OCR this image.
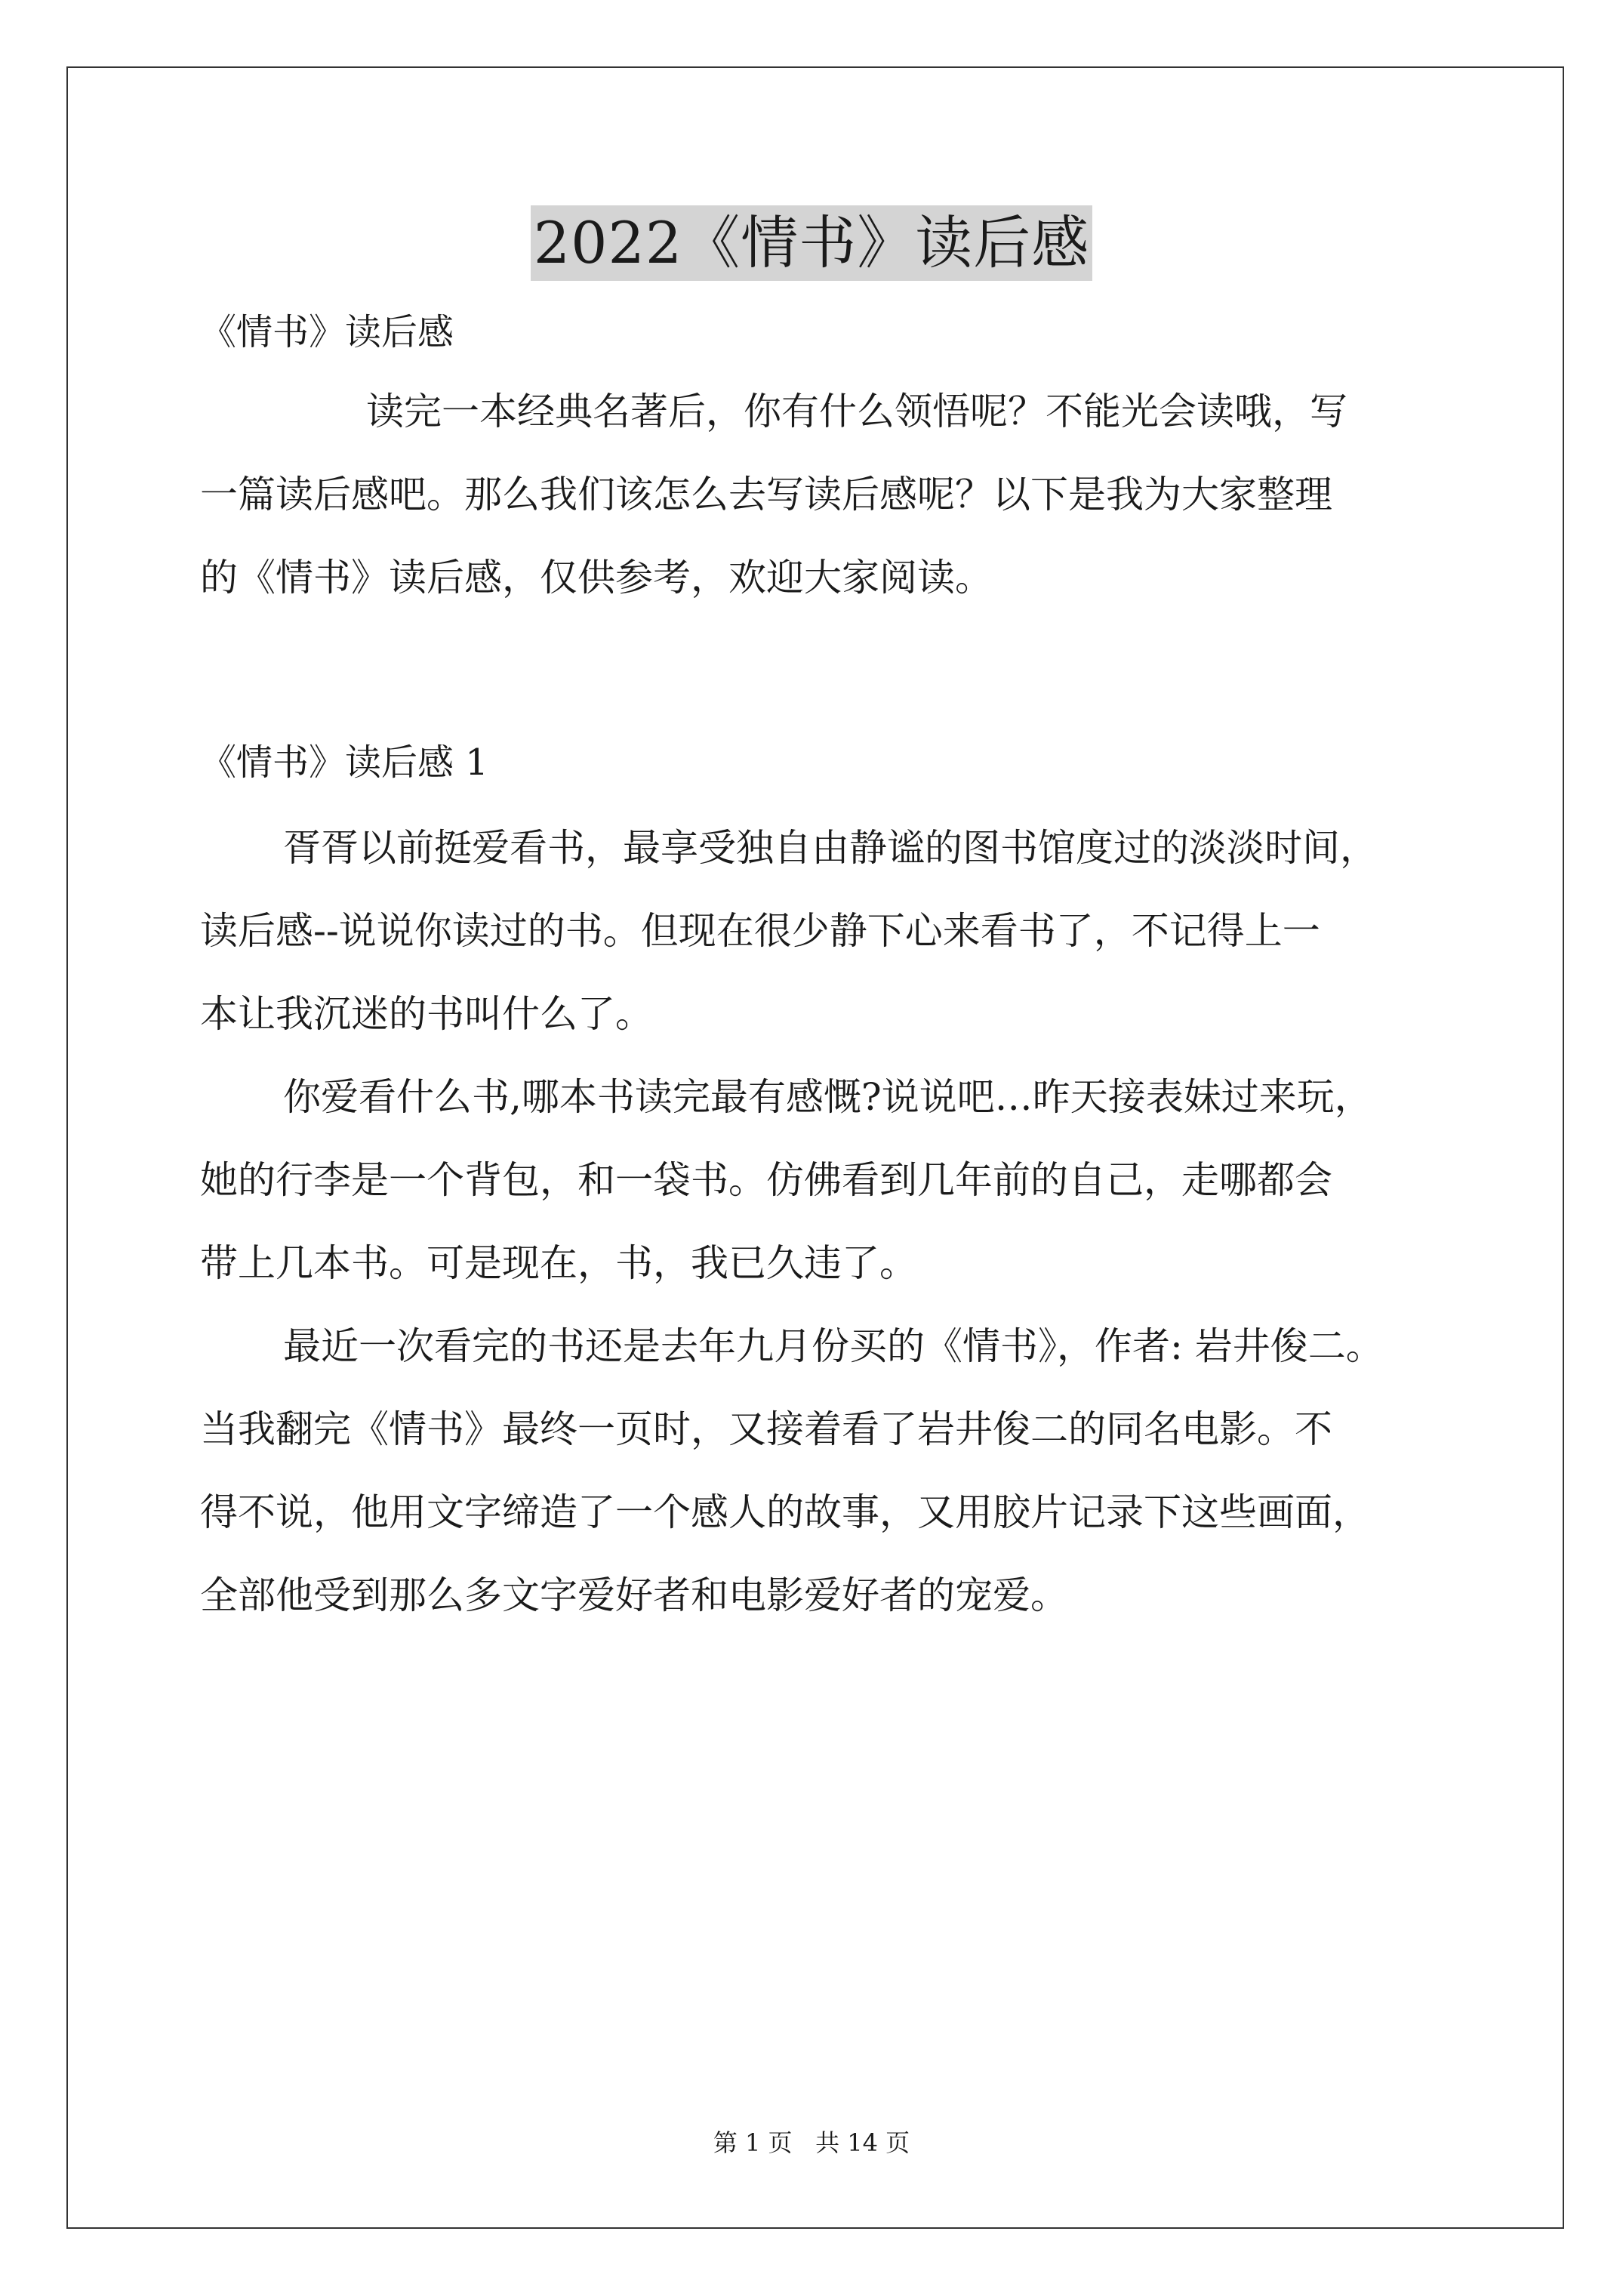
2022《情书》读后感
《情书》读后感
读完一本经典名著后，你有什么领悟呢？不能光会读哦，写
一篇读后感吧。那么我们该怎么去写读后感呢？以下是我为大家整理
的《情书》读后感，仅供参考，欢迎大家阅读。
《情书》读后感 1
胥胥以前挺爱看书，最享受独自由静谧的图书馆度过的淡淡时间，
读后感--说说你读过的书。但现在很少静下心来看书了，不记得上一
本让我沉迷的书叫什么了。
你爱看什么书,哪本书读完最有感慨?说说吧…昨天接表妹过来玩，
她的行李是一个背包，和一袋书。仿佛看到几年前的自己，走哪都会
带上几本书。可是现在，书，我已久违了。
最近一次看完的书还是去年九月份买的《情书》，作者: 岩井俊二。
当我翻完《情书》最终一页时，又接着看了岩井俊二的同名电影。不
得不说，他用文字缔造了一个感人的故事，又用胶片记录下这些画面，
全部他受到那么多文字爱好者和电影爱好者的宠爱。
第 1 页   共 14 页
